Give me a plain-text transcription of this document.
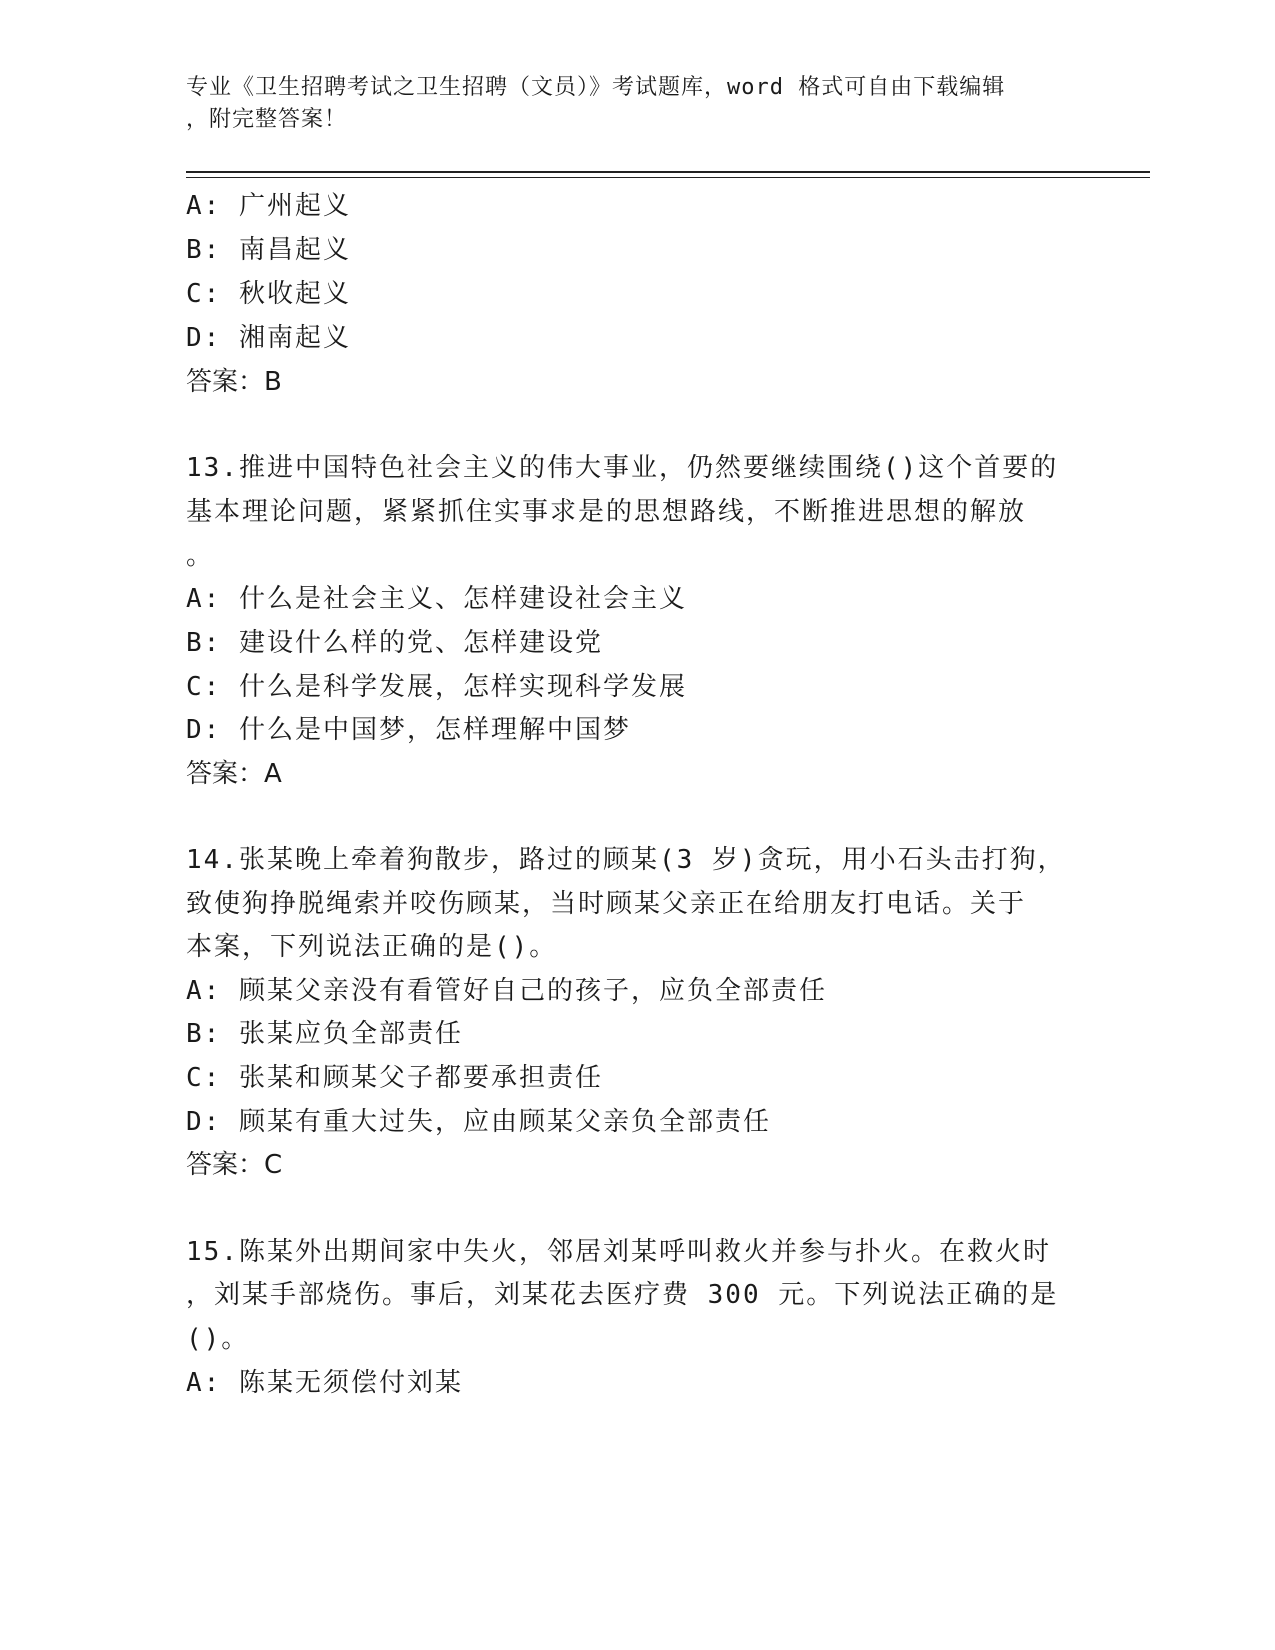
专业《卫生招聘考试之卫生招聘（文员）》考试题库，word 格式可自由下载编辑
，附完整答案！
A: 广州起义
B: 南昌起义
C: 秋收起义
D: 湘南起义
答案：B
13.推进中国特色社会主义的伟大事业，仍然要继续围绕()这个首要的
基本理论问题，紧紧抓住实事求是的思想路线，不断推进思想的解放
。
A: 什么是社会主义、怎样建设社会主义
B: 建设什么样的党、怎样建设党
C: 什么是科学发展，怎样实现科学发展
D: 什么是中国梦，怎样理解中国梦
答案：A
14.张某晚上牵着狗散步，路过的顾某(3 岁)贪玩，用小石头击打狗，
致使狗挣脱绳索并咬伤顾某，当时顾某父亲正在给朋友打电话。关于
本案，下列说法正确的是()。
A: 顾某父亲没有看管好自己的孩子，应负全部责任
B: 张某应负全部责任
C: 张某和顾某父子都要承担责任
D: 顾某有重大过失，应由顾某父亲负全部责任
答案：C
15.陈某外出期间家中失火，邻居刘某呼叫救火并参与扑火。在救火时
，刘某手部烧伤。事后，刘某花去医疗费 300 元。下列说法正确的是
()。
A: 陈某无须偿付刘某
